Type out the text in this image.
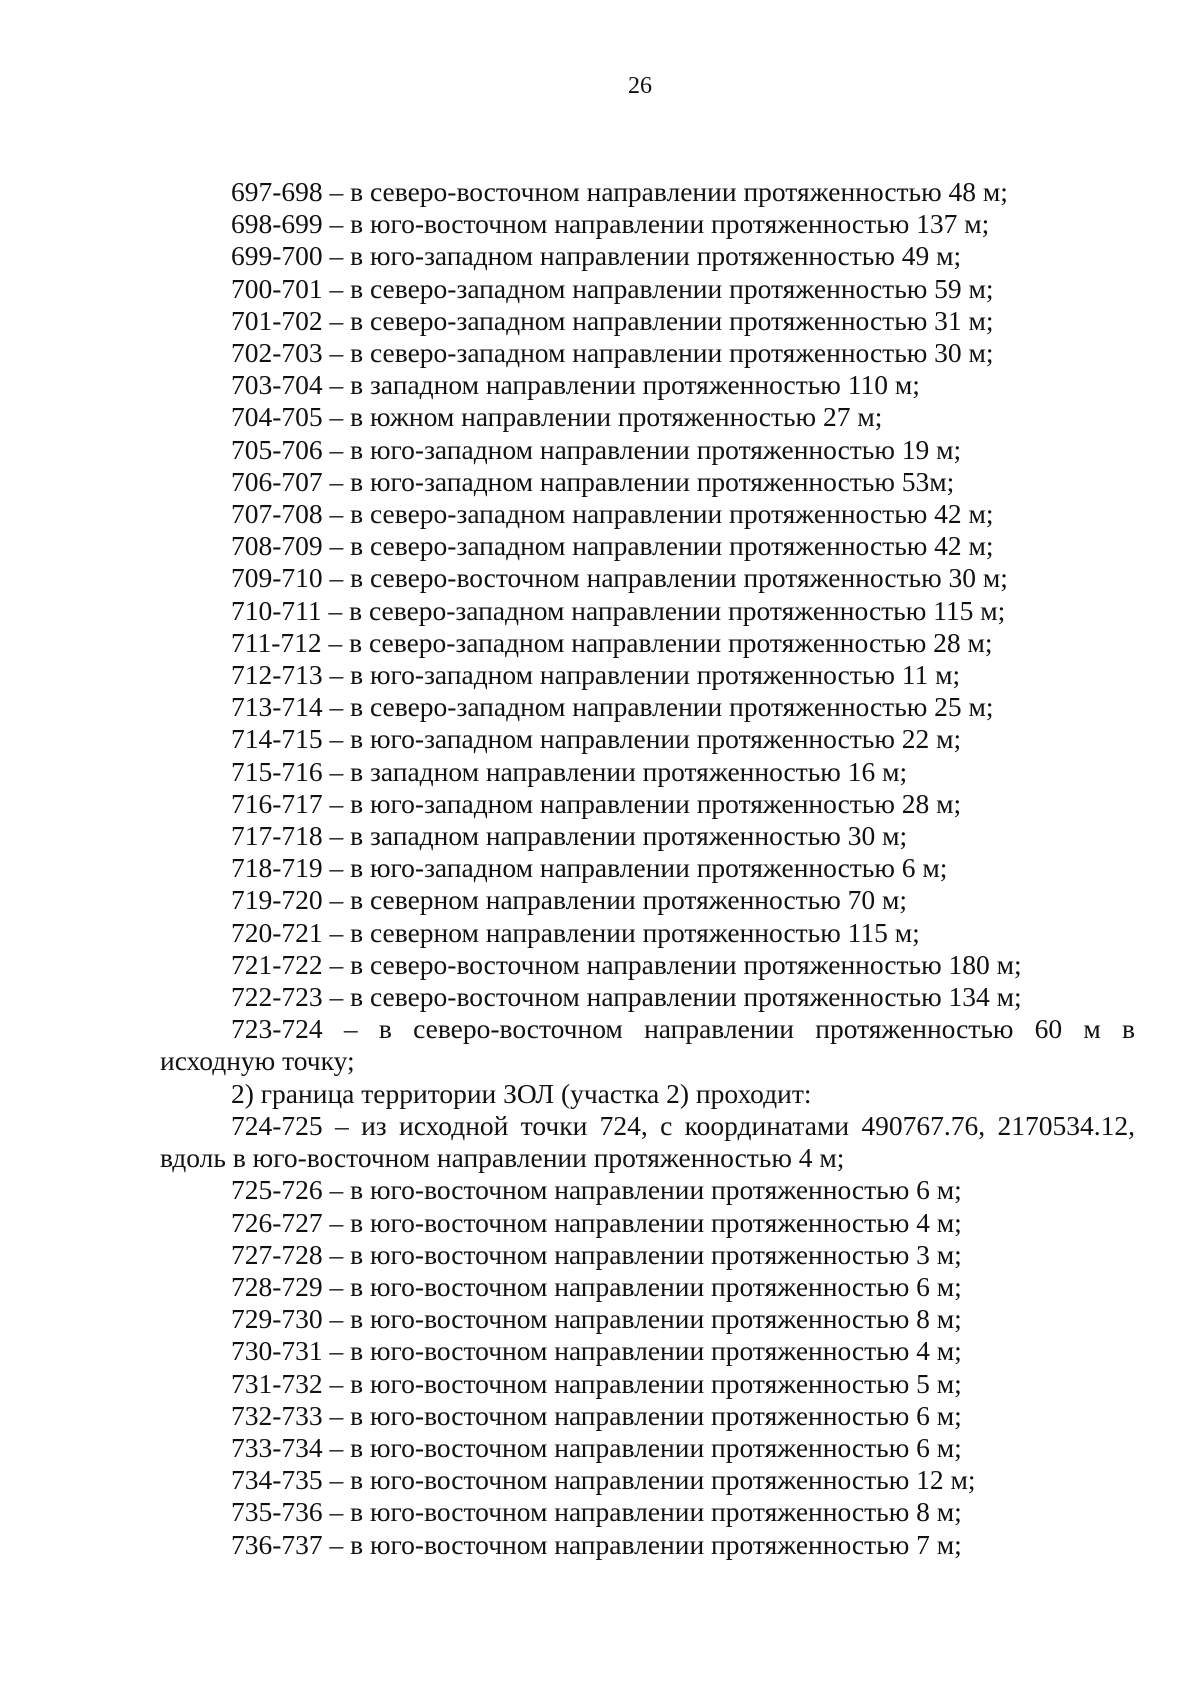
26
697-698 – в северо-восточном направлении протяженностью 48 м;
698-699 – в юго-восточном направлении протяженностью 137 м;
699-700 – в юго-западном направлении протяженностью 49 м;
700-701 – в северо-западном направлении протяженностью 59 м;
701-702 – в северо-западном направлении протяженностью 31 м;
702-703 – в северо-западном направлении протяженностью 30 м;
703-704 – в западном направлении протяженностью 110 м;
704-705 – в южном направлении протяженностью 27 м;
705-706 – в юго-западном направлении протяженностью 19 м;
706-707 – в юго-западном направлении протяженностью 53м;
707-708 – в северо-западном направлении протяженностью 42 м;
708-709 – в северо-западном направлении протяженностью 42 м;
709-710 – в северо-восточном направлении протяженностью 30 м;
710-711 – в северо-западном направлении протяженностью 115 м;
711-712 – в северо-западном направлении протяженностью 28 м;
712-713 – в юго-западном направлении протяженностью 11 м;
713-714 – в северо-западном направлении протяженностью 25 м;
714-715 – в юго-западном направлении протяженностью 22 м;
715-716 – в западном направлении протяженностью 16 м;
716-717 – в юго-западном направлении протяженностью 28 м;
717-718 – в западном направлении протяженностью 30 м;
718-719 – в юго-западном направлении протяженностью 6 м;
719-720 – в северном направлении протяженностью 70 м;
720-721 – в северном направлении протяженностью 115 м;
721-722 – в северо-восточном направлении протяженностью 180 м;
722-723 – в северо-восточном направлении протяженностью 134 м;
723-724 – в северо-восточном направлении протяженностью 60 м в
исходную точку;
2) граница территории ЗОЛ (участка 2) проходит:
724-725 – из исходной точки 724, с координатами 490767.76, 2170534.12,
вдоль в юго-восточном направлении протяженностью 4 м;
725-726 – в юго-восточном направлении протяженностью 6 м;
726-727 – в юго-восточном направлении протяженностью 4 м;
727-728 – в юго-восточном направлении протяженностью 3 м;
728-729 – в юго-восточном направлении протяженностью 6 м;
729-730 – в юго-восточном направлении протяженностью 8 м;
730-731 – в юго-восточном направлении протяженностью 4 м;
731-732 – в юго-восточном направлении протяженностью 5 м;
732-733 – в юго-восточном направлении протяженностью 6 м;
733-734 – в юго-восточном направлении протяженностью 6 м;
734-735 – в юго-восточном направлении протяженностью 12 м;
735-736 – в юго-восточном направлении протяженностью 8 м;
736-737 – в юго-восточном направлении протяженностью 7 м;
